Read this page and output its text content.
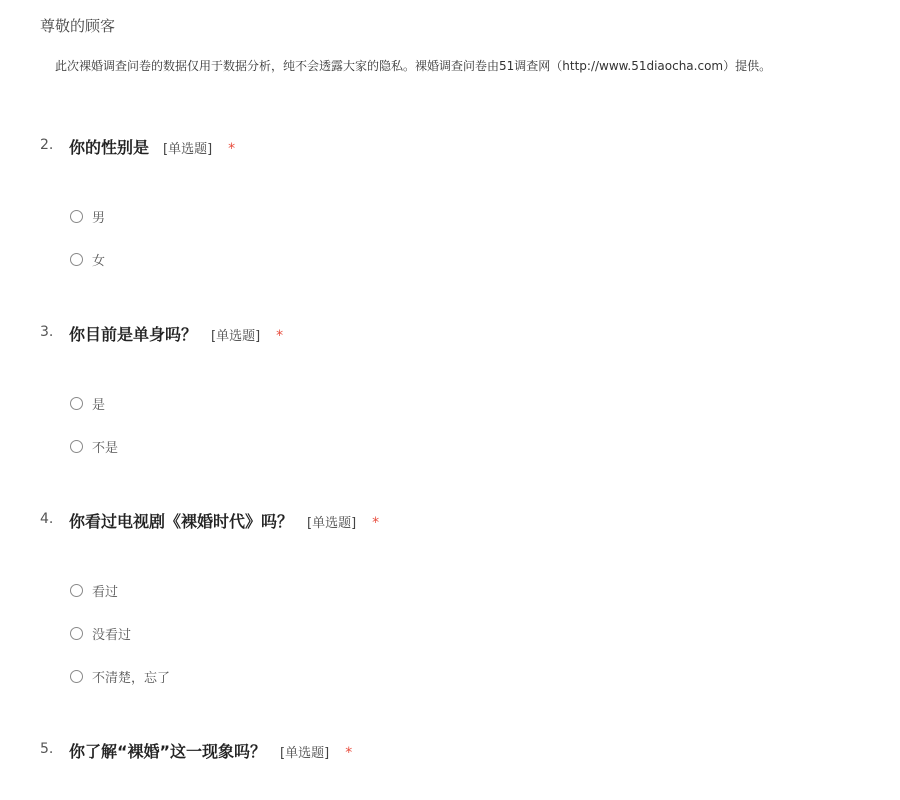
尊敬的顾客
此次裸婚调查问卷的数据仅用于数据分析，纯不会透露大家的隐私。裸婚调查问卷由51调查网（http://www.51diaocha.com）提供。
2. 你的性别是 [单选题] *
男
女
3. 你目前是单身吗？ [单选题] *
是
不是
4. 你看过电视剧《裸婚时代》吗？ [单选题] *
看过
没看过
不清楚，忘了
5. 你了解“裸婚”这一现象吗？ [单选题] *
